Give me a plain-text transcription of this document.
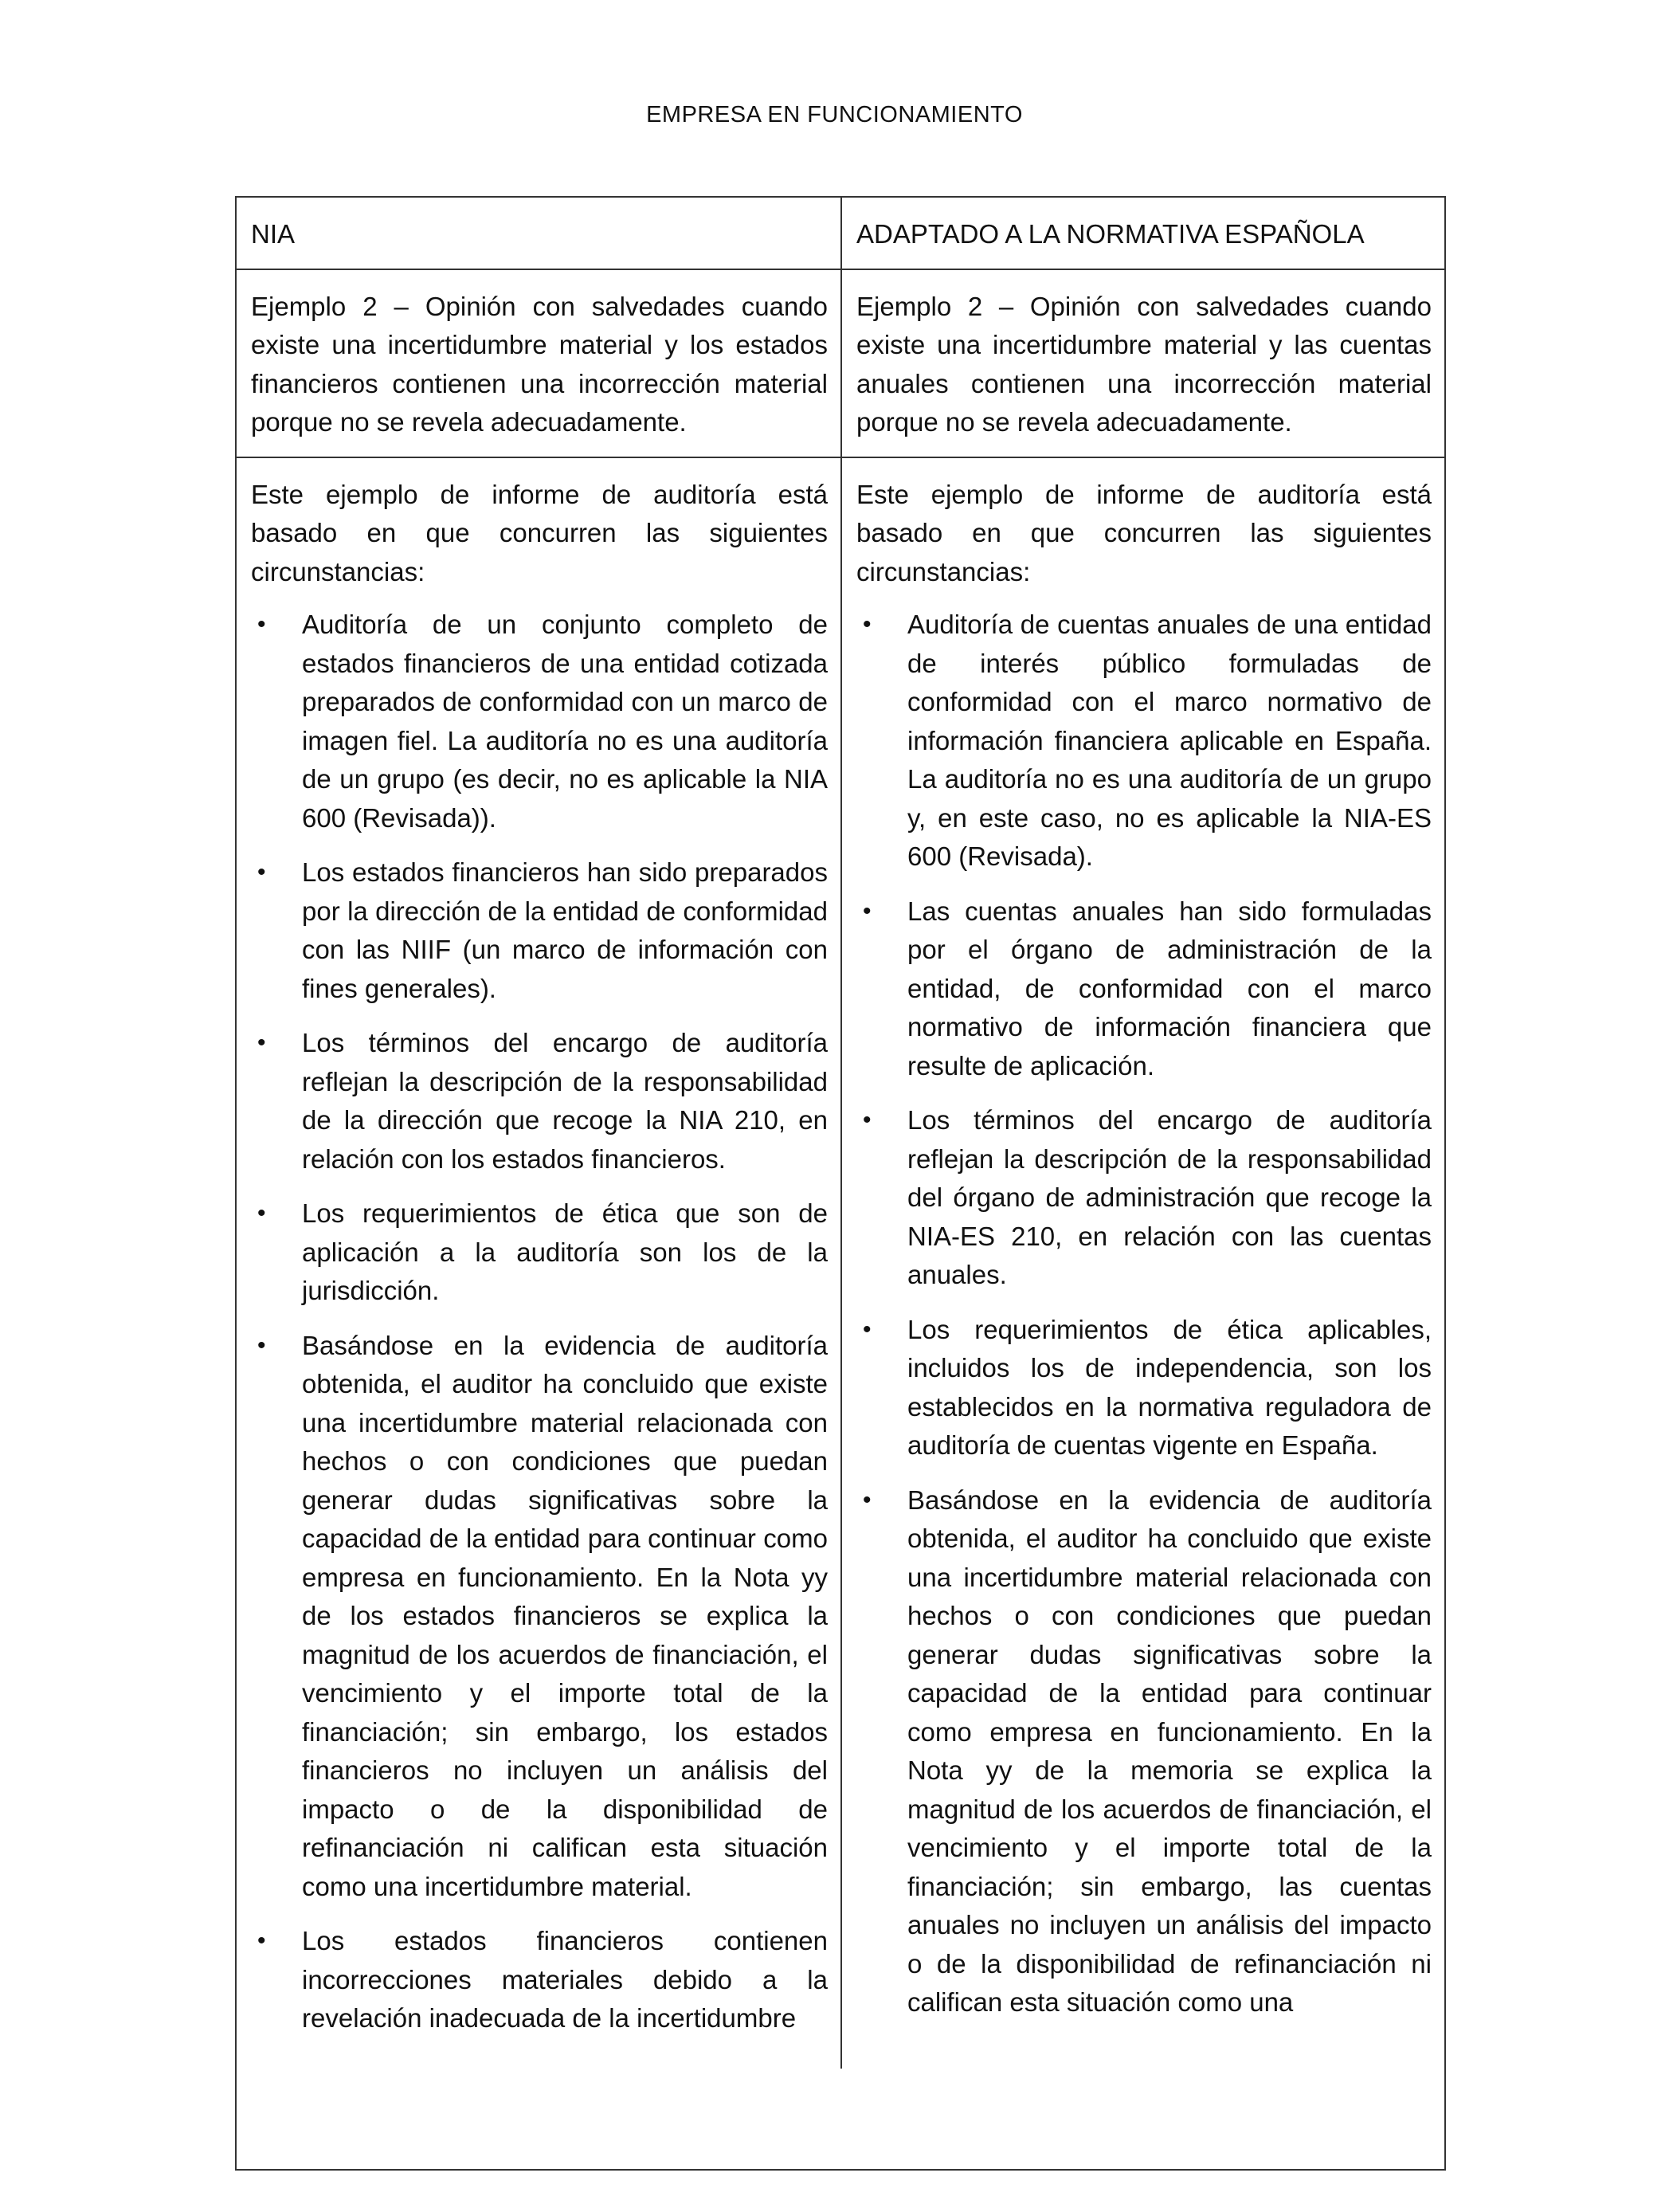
EMPRESA EN FUNCIONAMIENTO
NIA	ADAPTADO A LA NORMATIVA ESPAÑOLA
Ejemplo 2 – Opinión con salvedades cuando existe una incertidumbre material y los estados financieros contienen una incorrección material porque no se revela adecuadamente.
Ejemplo 2 – Opinión con salvedades cuando existe una incertidumbre material y las cuentas anuales contienen una incorrección material porque no se revela adecuadamente.

Este ejemplo de informe de auditoría está basado en que concurren las siguientes circunstancias:

• Auditoría de un conjunto completo de estados financieros de una entidad cotizada preparados de conformidad con un marco de imagen fiel. La auditoría no es una auditoría de un grupo (es decir, no es aplicable la NIA 600 (Revisada)).
• Los estados financieros han sido preparados por la dirección de la entidad de conformidad con las NIIF (un marco de información con fines generales).
• Los términos del encargo de auditoría reflejan la descripción de la responsabilidad de la dirección que recoge la NIA 210, en relación con los estados financieros.
• Los requerimientos de ética que son de aplicación a la auditoría son los de la jurisdicción.
• Basándose en la evidencia de auditoría obtenida, el auditor ha concluido que existe una incertidumbre material relacionada con hechos o con condiciones que puedan generar dudas significativas sobre la capacidad de la entidad para continuar como empresa en funcionamiento. En la Nota yy de los estados financieros se explica la magnitud de los acuerdos de financiación, el vencimiento y el importe total de la financiación; sin embargo, los estados financieros no incluyen un análisis del impacto o de la disponibilidad de refinanciación ni califican esta situación como una incertidumbre material.
• Los estados financieros contienen incorrecciones materiales debido a la revelación inadecuada de la incertidumbre

Este ejemplo de informe de auditoría está basado en que concurren las siguientes circunstancias:

• Auditoría de cuentas anuales de una entidad de interés público formuladas de conformidad con el marco normativo de información financiera aplicable en España. La auditoría no es una auditoría de un grupo y, en este caso, no es aplicable la NIA-ES 600 (Revisada).
• Las cuentas anuales han sido formuladas por el órgano de administración de la entidad, de conformidad con el marco normativo de información financiera que resulte de aplicación.
• Los términos del encargo de auditoría reflejan la descripción de la responsabilidad del órgano de administración que recoge la NIA-ES 210, en relación con las cuentas anuales.
• Los requerimientos de ética aplicables, incluidos los de independencia, son los establecidos en la normativa reguladora de auditoría de cuentas vigente en España.
• Basándose en la evidencia de auditoría obtenida, el auditor ha concluido que existe una incertidumbre material relacionada con hechos o con condiciones que puedan generar dudas significativas sobre la capacidad de la entidad para continuar como empresa en funcionamiento. En la Nota yy de la memoria se explica la magnitud de los acuerdos de financiación, el vencimiento y el importe total de la financiación; sin embargo, las cuentas anuales no incluyen un análisis del impacto o de la disponibilidad de refinanciación ni califican esta situación como una
